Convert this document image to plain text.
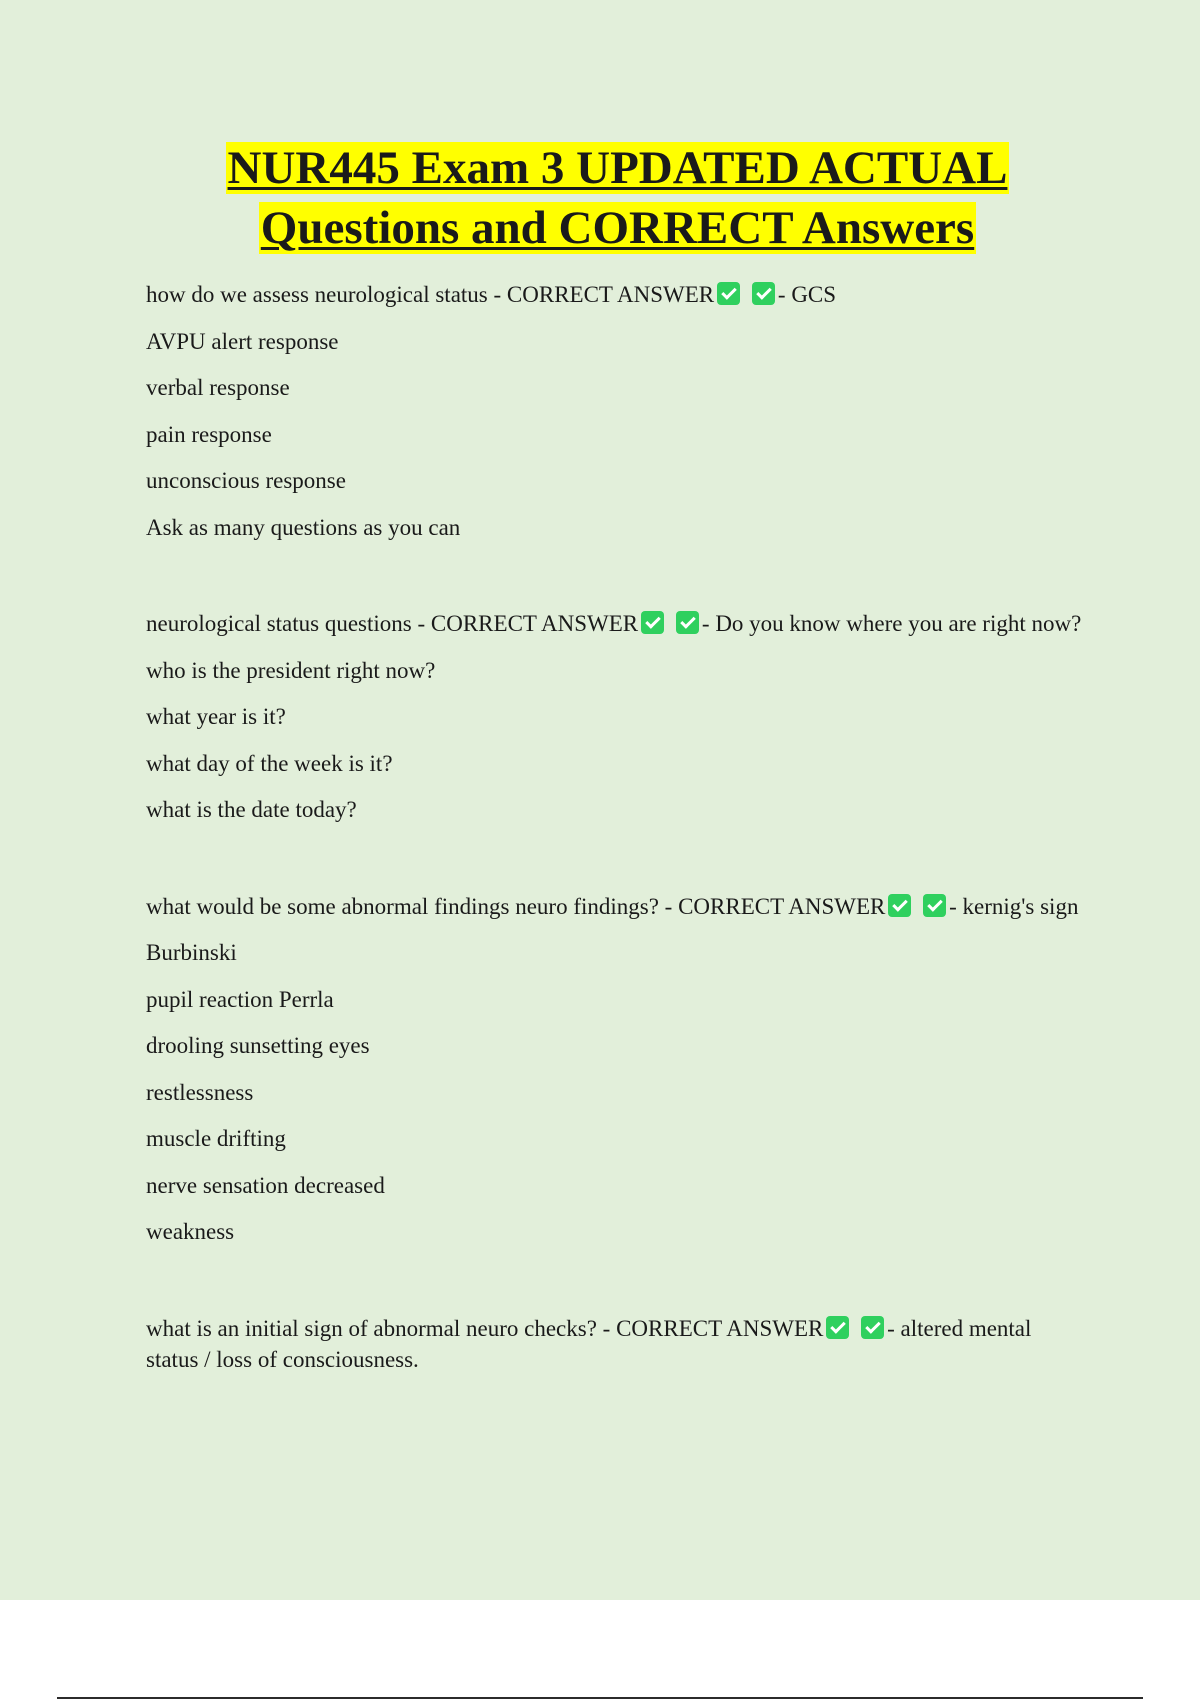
NUR445 Exam 3 UPDATED ACTUAL
Questions and CORRECT Answers

how do we assess neurological status - CORRECT ANSWER	- GCS

AVPU alert response

verbal response

pain response

unconscious response

Ask as many questions as you can

neurological status questions - CORRECT ANSWER	- Do you know where you are right now?

who is the president right now?

what year is it?

what day of the week is it?

what is the date today?

what would be some abnormal findings neuro findings? - CORRECT ANSWER	- kernig's sign

Burbinski

pupil reaction Perrla

drooling sunsetting eyes

restlessness

muscle drifting

nerve sensation decreased

weakness

what is an initial sign of abnormal neuro checks? - CORRECT ANSWER	- altered mental status / loss of consciousness.
